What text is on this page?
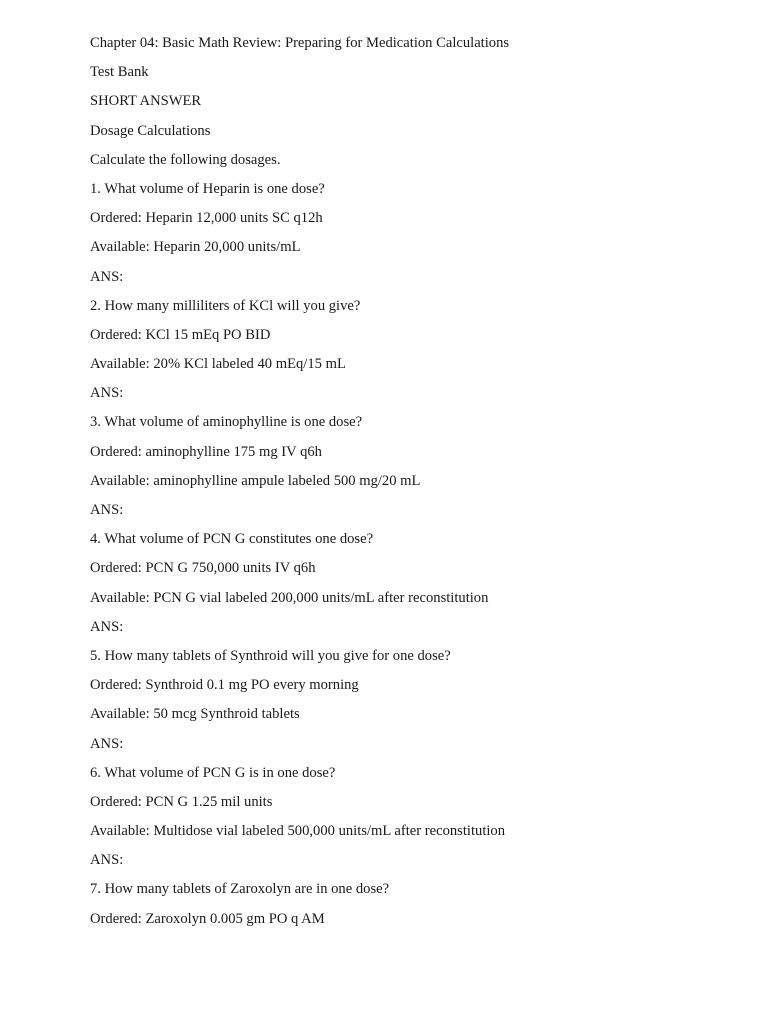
Chapter 04: Basic Math Review: Preparing for Medication Calculations
Test Bank
SHORT ANSWER
Dosage Calculations
Calculate the following dosages.
1. What volume of Heparin is one dose?
Ordered: Heparin 12,000 units SC q12h
Available: Heparin 20,000 units/mL
ANS:
2. How many milliliters of KCl will you give?
Ordered: KCl 15 mEq PO BID
Available: 20% KCl labeled 40 mEq/15 mL
ANS:
3. What volume of aminophylline is one dose?
Ordered: aminophylline 175 mg IV q6h
Available: aminophylline ampule labeled 500 mg/20 mL
ANS:
4. What volume of PCN G constitutes one dose?
Ordered: PCN G 750,000 units IV q6h
Available: PCN G vial labeled 200,000 units/mL after reconstitution
ANS:
5. How many tablets of Synthroid will you give for one dose?
Ordered: Synthroid 0.1 mg PO every morning
Available: 50 mcg Synthroid tablets
ANS:
6. What volume of PCN G is in one dose?
Ordered: PCN G 1.25 mil units
Available: Multidose vial labeled 500,000 units/mL after reconstitution
ANS:
7. How many tablets of Zaroxolyn are in one dose?
Ordered: Zaroxolyn 0.005 gm PO q AM
